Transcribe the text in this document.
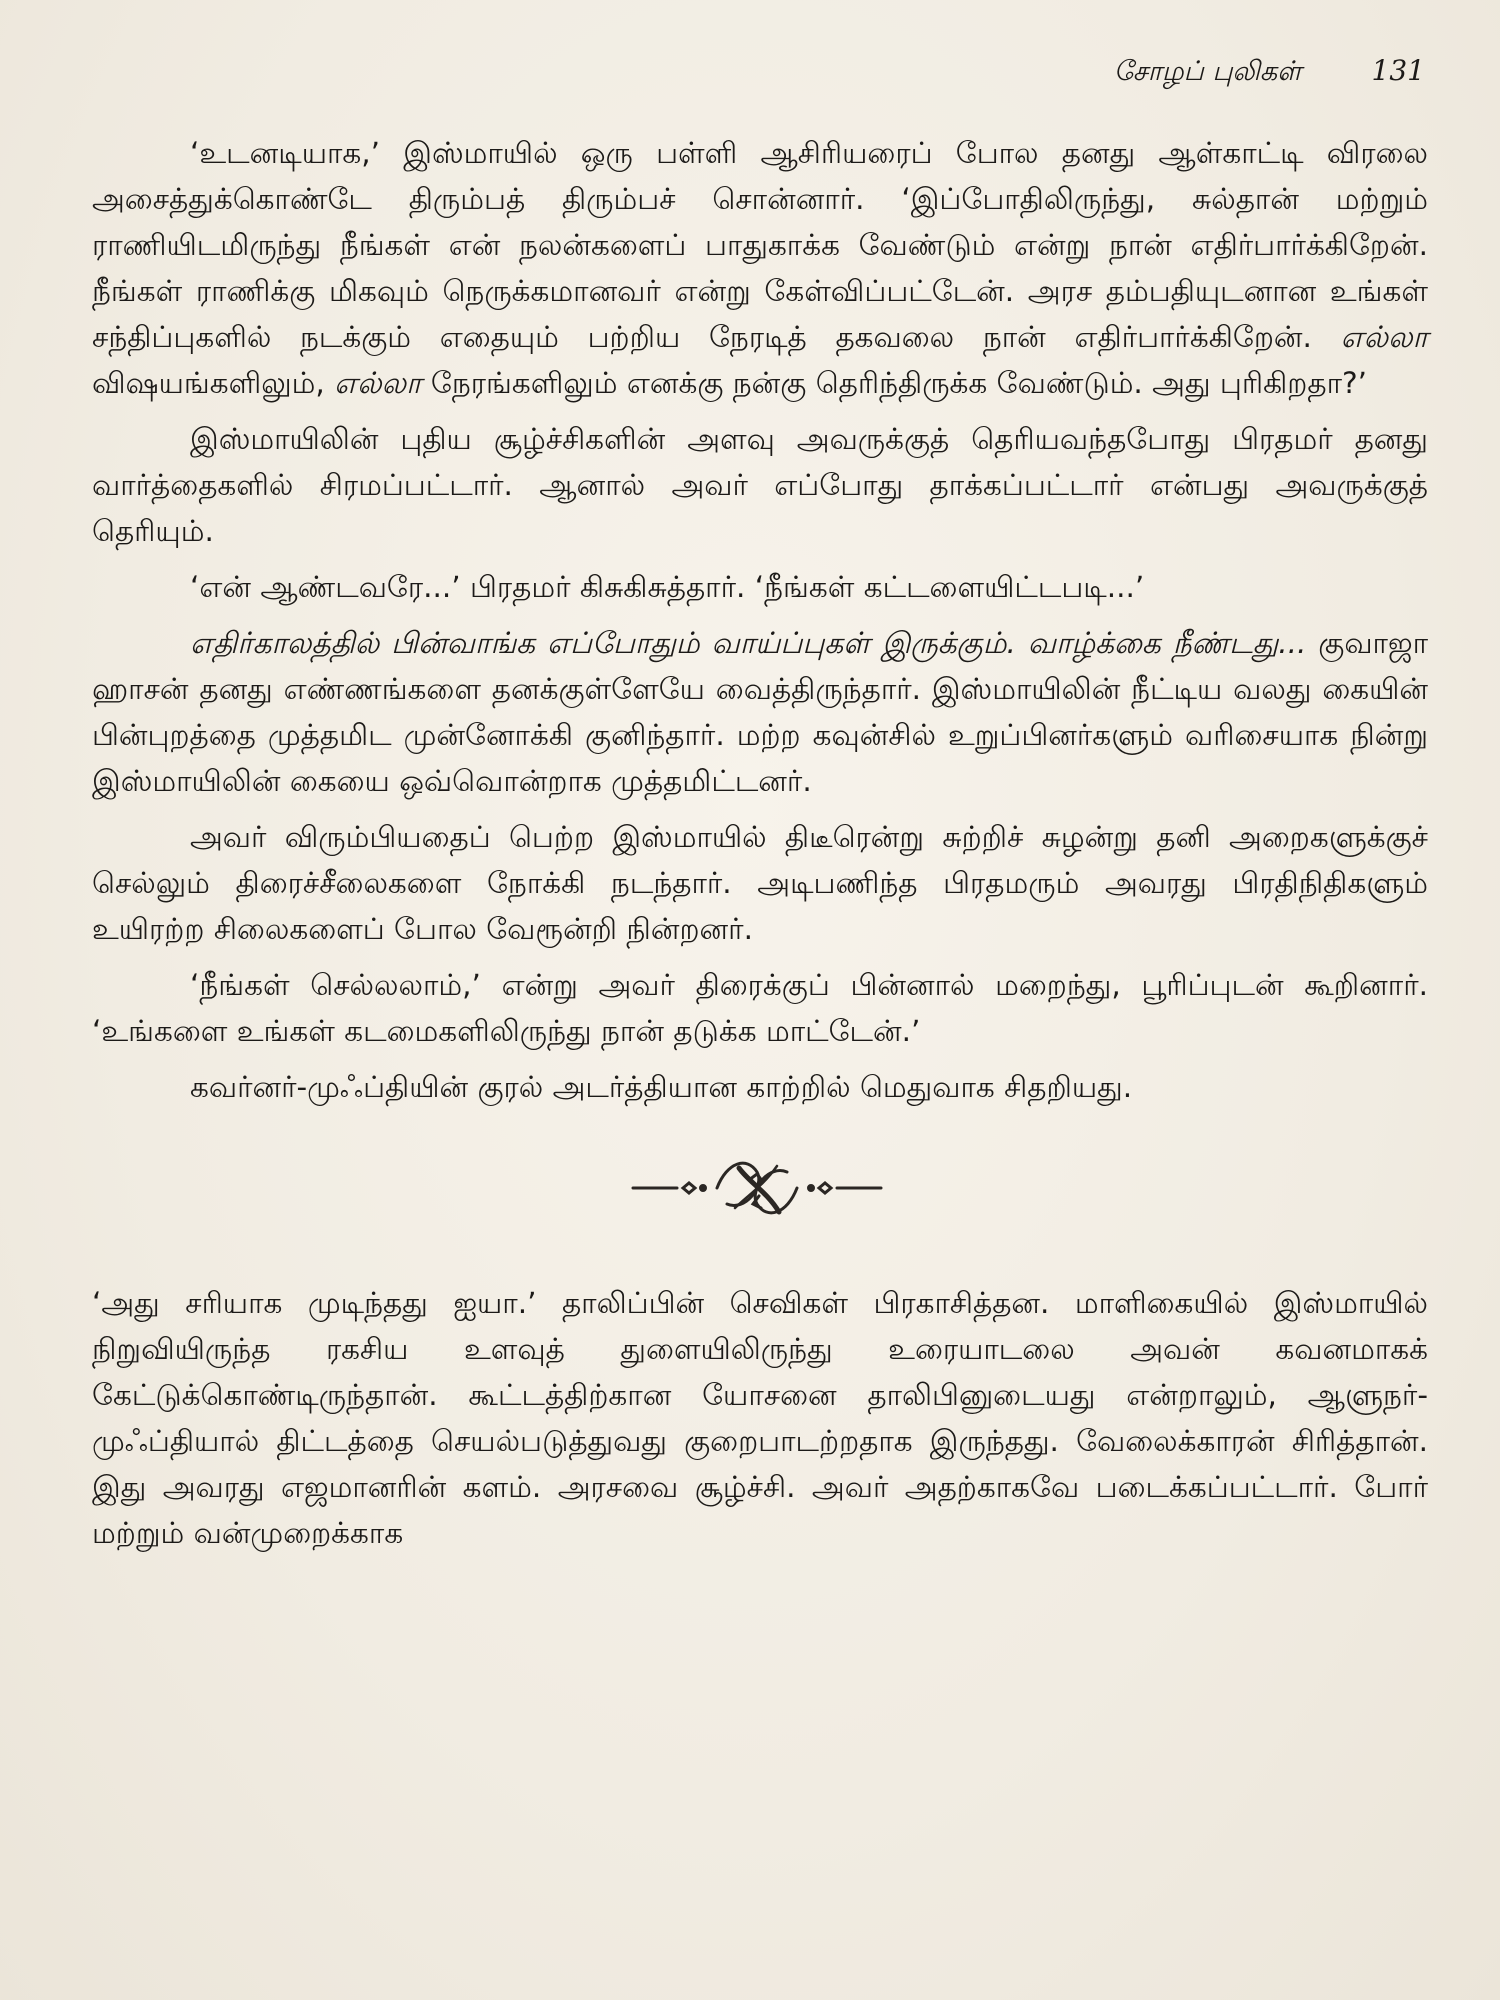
சோழப் புலிகள்	131

‘உடனடியாக,’ இஸ்மாயில் ஒரு பள்ளி ஆசிரியரைப் போல தனது ஆள்காட்டி விரலை அசைத்துக்கொண்டே திரும்பத் திரும்பச் சொன்னார். ‘இப்போதிலிருந்து, சுல்தான் மற்றும் ராணியிடமிருந்து நீங்கள் என் நலன்களைப் பாதுகாக்க வேண்டும் என்று நான் எதிர்பார்க்கிறேன். நீங்கள் ராணிக்கு மிகவும் நெருக்கமானவர் என்று கேள்விப்பட்டேன். அரச தம்பதியுடனான உங்கள் சந்திப்புகளில் நடக்கும் எதையும் பற்றிய நேரடித் தகவலை நான் எதிர்பார்க்கிறேன். எல்லா விஷயங்களிலும், எல்லா நேரங்களிலும் எனக்கு நன்கு தெரிந்திருக்க வேண்டும். அது புரிகிறதா?’

இஸ்மாயிலின் புதிய சூழ்ச்சிகளின் அளவு அவருக்குத் தெரியவந்தபோது பிரதமர் தனது வார்த்தைகளில் சிரமப்பட்டார். ஆனால் அவர் எப்போது தாக்கப்பட்டார் என்பது அவருக்குத் தெரியும்.

‘என் ஆண்டவரே...’ பிரதமர் கிசுகிசுத்தார். ‘நீங்கள் கட்டளையிட்டபடி...’

எதிர்காலத்தில் பின்வாங்க எப்போதும் வாய்ப்புகள் இருக்கும். வாழ்க்கை நீண்டது... குவாஜா ஹாசன் தனது எண்ணங்களை தனக்குள்ளேயே வைத்திருந்தார். இஸ்மாயிலின் நீட்டிய வலது கையின் பின்புறத்தை முத்தமிட முன்னோக்கி குனிந்தார். மற்ற கவுன்சில் உறுப்பினர்களும் வரிசையாக நின்று இஸ்மாயிலின் கையை ஒவ்வொன்றாக முத்தமிட்டனர்.

அவர் விரும்பியதைப் பெற்ற இஸ்மாயில் திடீரென்று சுற்றிச் சுழன்று தனி அறைகளுக்குச் செல்லும் திரைச்சீலைகளை நோக்கி நடந்தார். அடிபணிந்த பிரதமரும் அவரது பிரதிநிதிகளும் உயிரற்ற சிலைகளைப் போல வேரூன்றி நின்றனர்.

‘நீங்கள் செல்லலாம்,’ என்று அவர் திரைக்குப் பின்னால் மறைந்து, பூரிப்புடன் கூறினார். ‘உங்களை உங்கள் கடமைகளிலிருந்து நான் தடுக்க மாட்டேன்.’

கவர்னர்-முஃப்தியின் குரல் அடர்த்தியான காற்றில் மெதுவாக சிதறியது.

‘அது சரியாக முடிந்தது ஐயா.’ தாலிப்பின் செவிகள் பிரகாசித்தன. மாளிகையில் இஸ்மாயில் நிறுவியிருந்த ரகசிய உளவுத் துளையிலிருந்து உரையாடலை அவன் கவனமாகக் கேட்டுக்கொண்டிருந்தான். கூட்டத்திற்கான யோசனை தாலிபினுடையது என்றாலும், ஆளுநர்-முஃப்தியால் திட்டத்தை செயல்படுத்துவது குறைபாடற்றதாக இருந்தது. வேலைக்காரன் சிரித்தான். இது அவரது எஜமானரின் களம். அரசவை சூழ்ச்சி. அவர் அதற்காகவே படைக்கப்பட்டார். போர் மற்றும் வன்முறைக்காக
